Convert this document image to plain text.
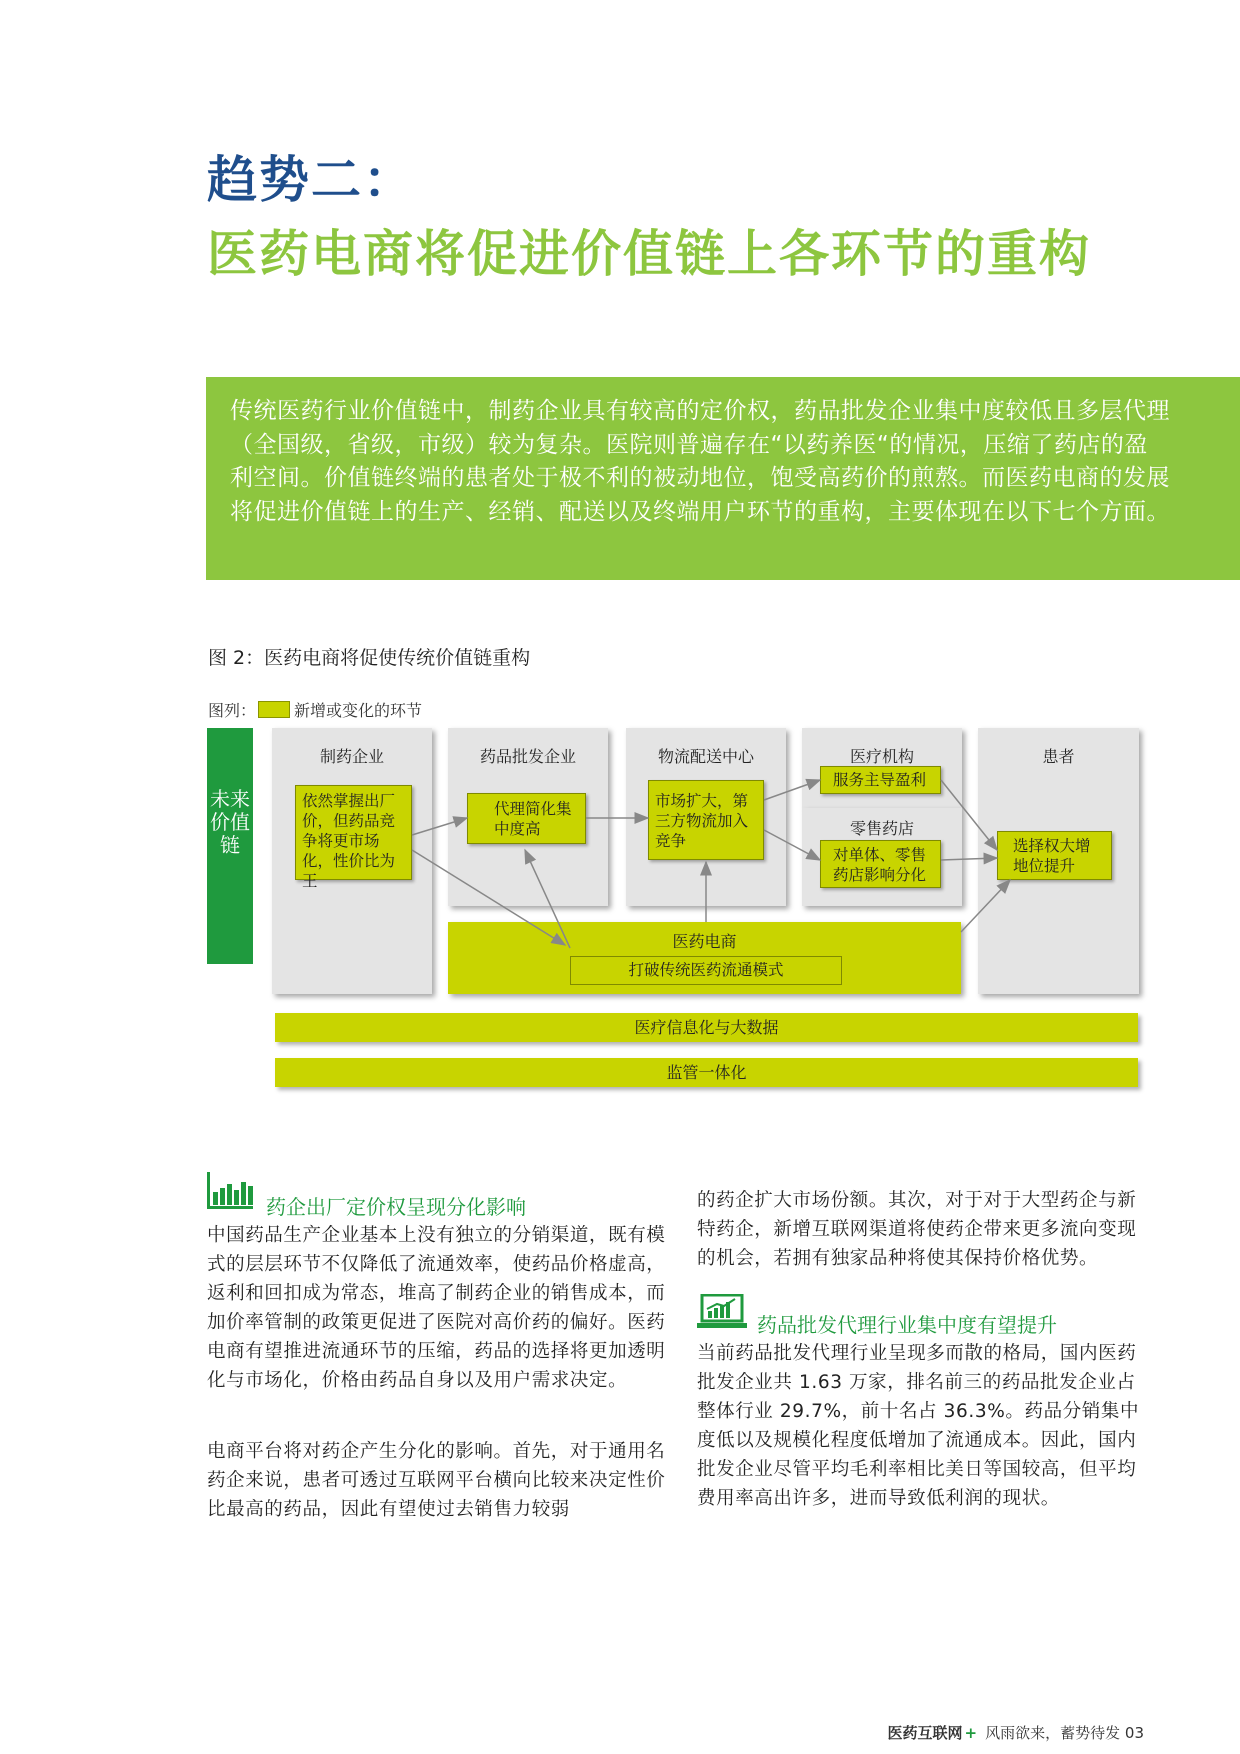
趋势二：
医药电商将促进价值链上各环节的重构

传统医药行业价值链中，制药企业具有较高的定价权，药品批发企业集中度较低且多层代理（全国级，省级，市级）较为复杂。医院则普遍存在“以药养医“的情况，压缩了药店的盈利空间。价值链终端的患者处于极不利的被动地位，饱受高药价的煎熬。而医药电商的发展将促进价值链上的生产、经销、配送以及终端用户环节的重构，主要体现在以下七个方面。

图 2：医药电商将促使传统价值链重构
图列： 新增或变化的环节
未来价值链
制药企业	药品批发企业	物流配送中心	医疗机构
零售药店
患者
医药电商
打破传统医药流通模式
依然掌握出厂价，但药品竞争将更市场化，性价比为王
代理简化集中度高
市场扩大，第三方物流加入竞争
服务主导盈利
对单体、零售药店影响分化
选择权大增地位提升
医疗信息化与大数据
监管一体化
药企出厂定价权呈现分化影响

中国药品生产企业基本上没有独立的分销渠道，既有模式的层层环节不仅降低了流通效率，使药品价格虚高，返利和回扣成为常态，堆高了制药企业的销售成本，而加价率管制的政策更促进了医院对高价药的偏好。医药电商有望推进流通环节的压缩，药品的选择将更加透明化与市场化，价格由药品自身以及用户需求决定。

电商平台将对药企产生分化的影响。首先，对于通用名药企来说，患者可透过互联网平台横向比较来决定性价比最高的药品，因此有望使过去销售力较弱

的药企扩大市场份额。其次，对于对于大型药企与新特药企，新增互联网渠道将使药企带来更多流向变现的机会，若拥有独家品种将使其保持价格优势。

药品批发代理行业集中度有望提升

当前药品批发代理行业呈现多而散的格局，国内医药批发企业共 1.63 万家，排名前三的药品批发企业占整体行业 29.7%，前十名占 36.3%。药品分销集中度低以及规模化程度低增加了流通成本。因此，国内批发企业尽管平均毛利率相比美日等国较高，但平均费用率高出许多，进而导致低利润的现状。

医药互联网 + 风雨欲来，蓄势待发 03
